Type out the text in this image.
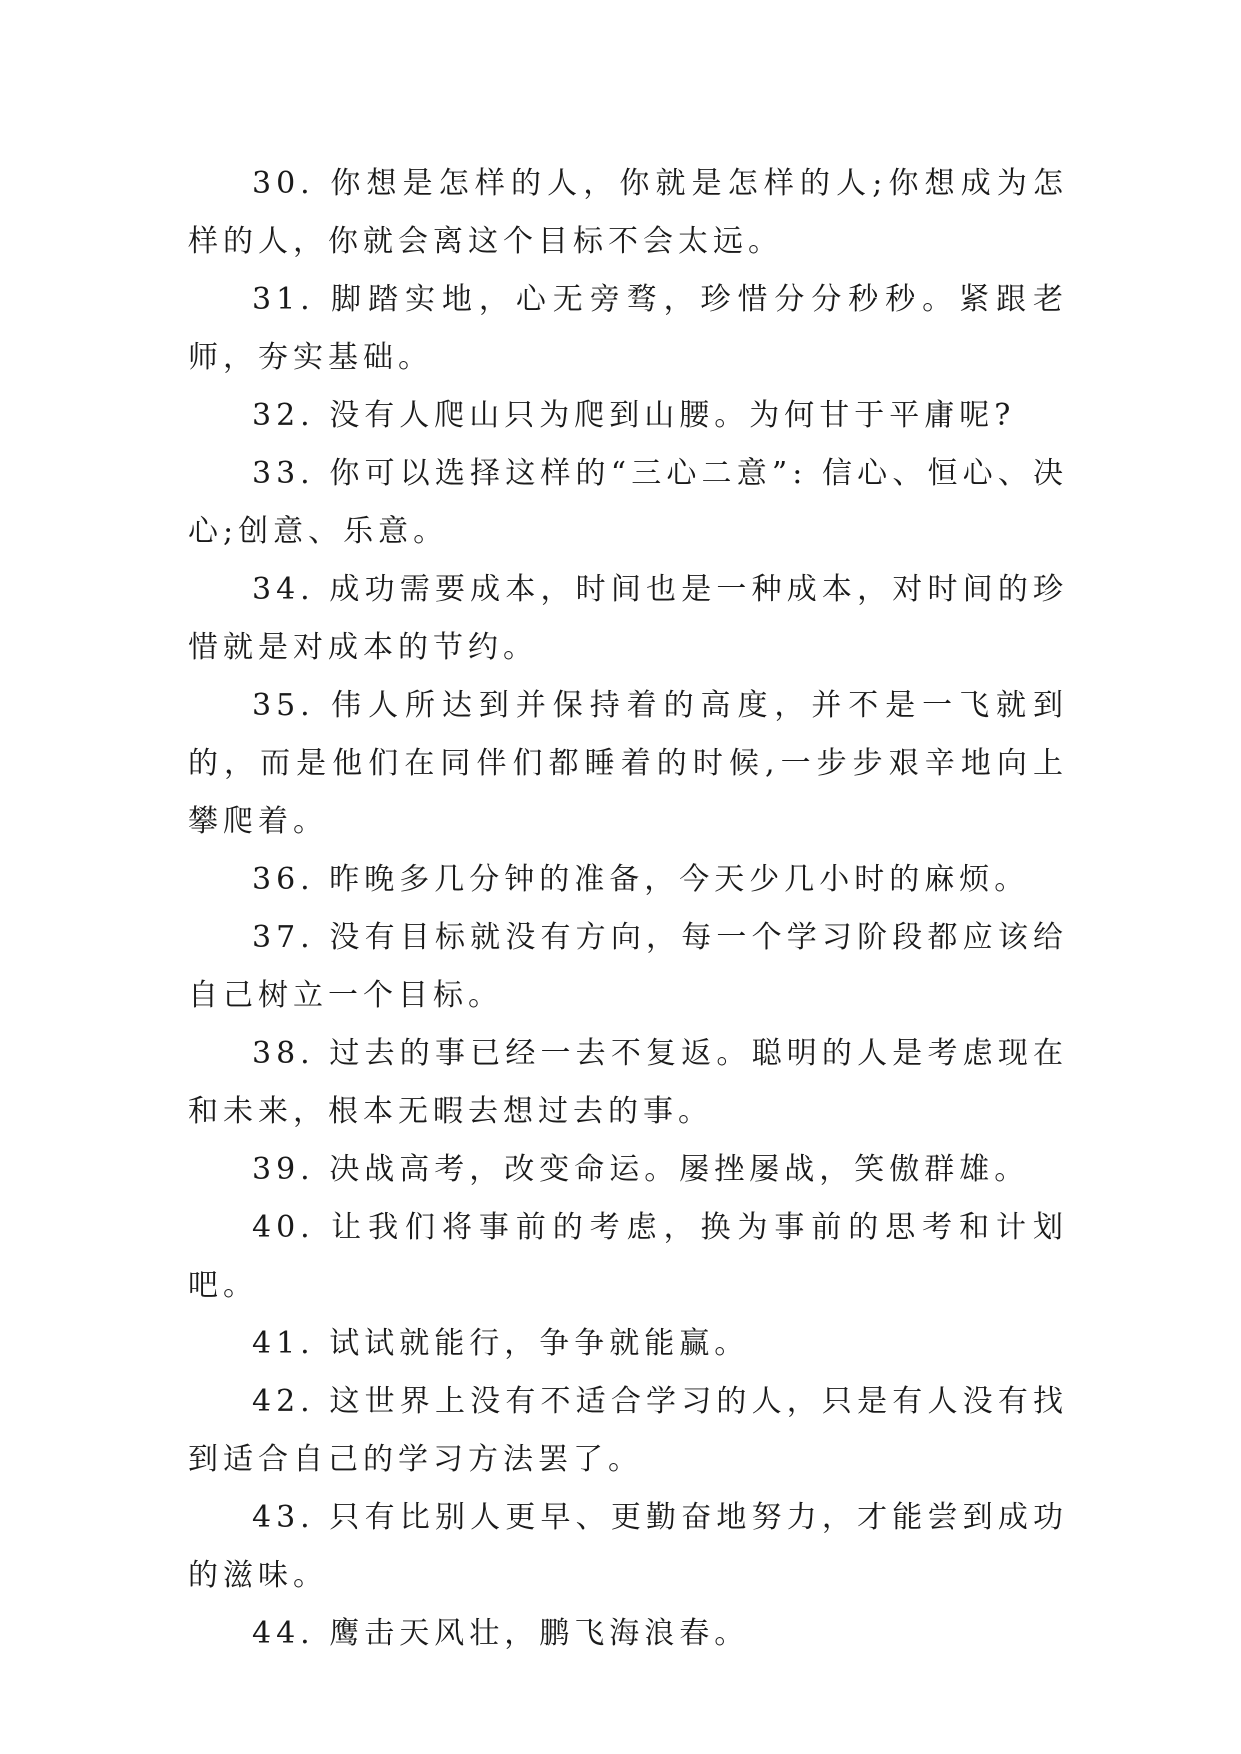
30. 你想是怎样的人，你就是怎样的人;你想成为怎样的人，你就会离这个目标不会太远。

31. 脚踏实地，心无旁骛，珍惜分分秒秒。紧跟老师，夯实基础。

32. 没有人爬山只为爬到山腰。为何甘于平庸呢?

33. 你可以选择这样的“三心二意”: 信心、恒心、决心;创意、乐意。

34. 成功需要成本，时间也是一种成本，对时间的珍惜就是对成本的节约。

35. 伟人所达到并保持着的高度，并不是一飞就到的，而是他们在同伴们都睡着的时候,一步步艰辛地向上攀爬着。

36. 昨晚多几分钟的准备，今天少几小时的麻烦。

37. 没有目标就没有方向，每一个学习阶段都应该给自己树立一个目标。

38. 过去的事已经一去不复返。聪明的人是考虑现在和未来，根本无暇去想过去的事。

39. 决战高考，改变命运。屡挫屡战，笑傲群雄。

40. 让我们将事前的考虑，换为事前的思考和计划吧。

41. 试试就能行，争争就能赢。

42. 这世界上没有不适合学习的人，只是有人没有找到适合自己的学习方法罢了。

43. 只有比别人更早、更勤奋地努力，才能尝到成功的滋味。

44. 鹰击天风壮，鹏飞海浪春。
